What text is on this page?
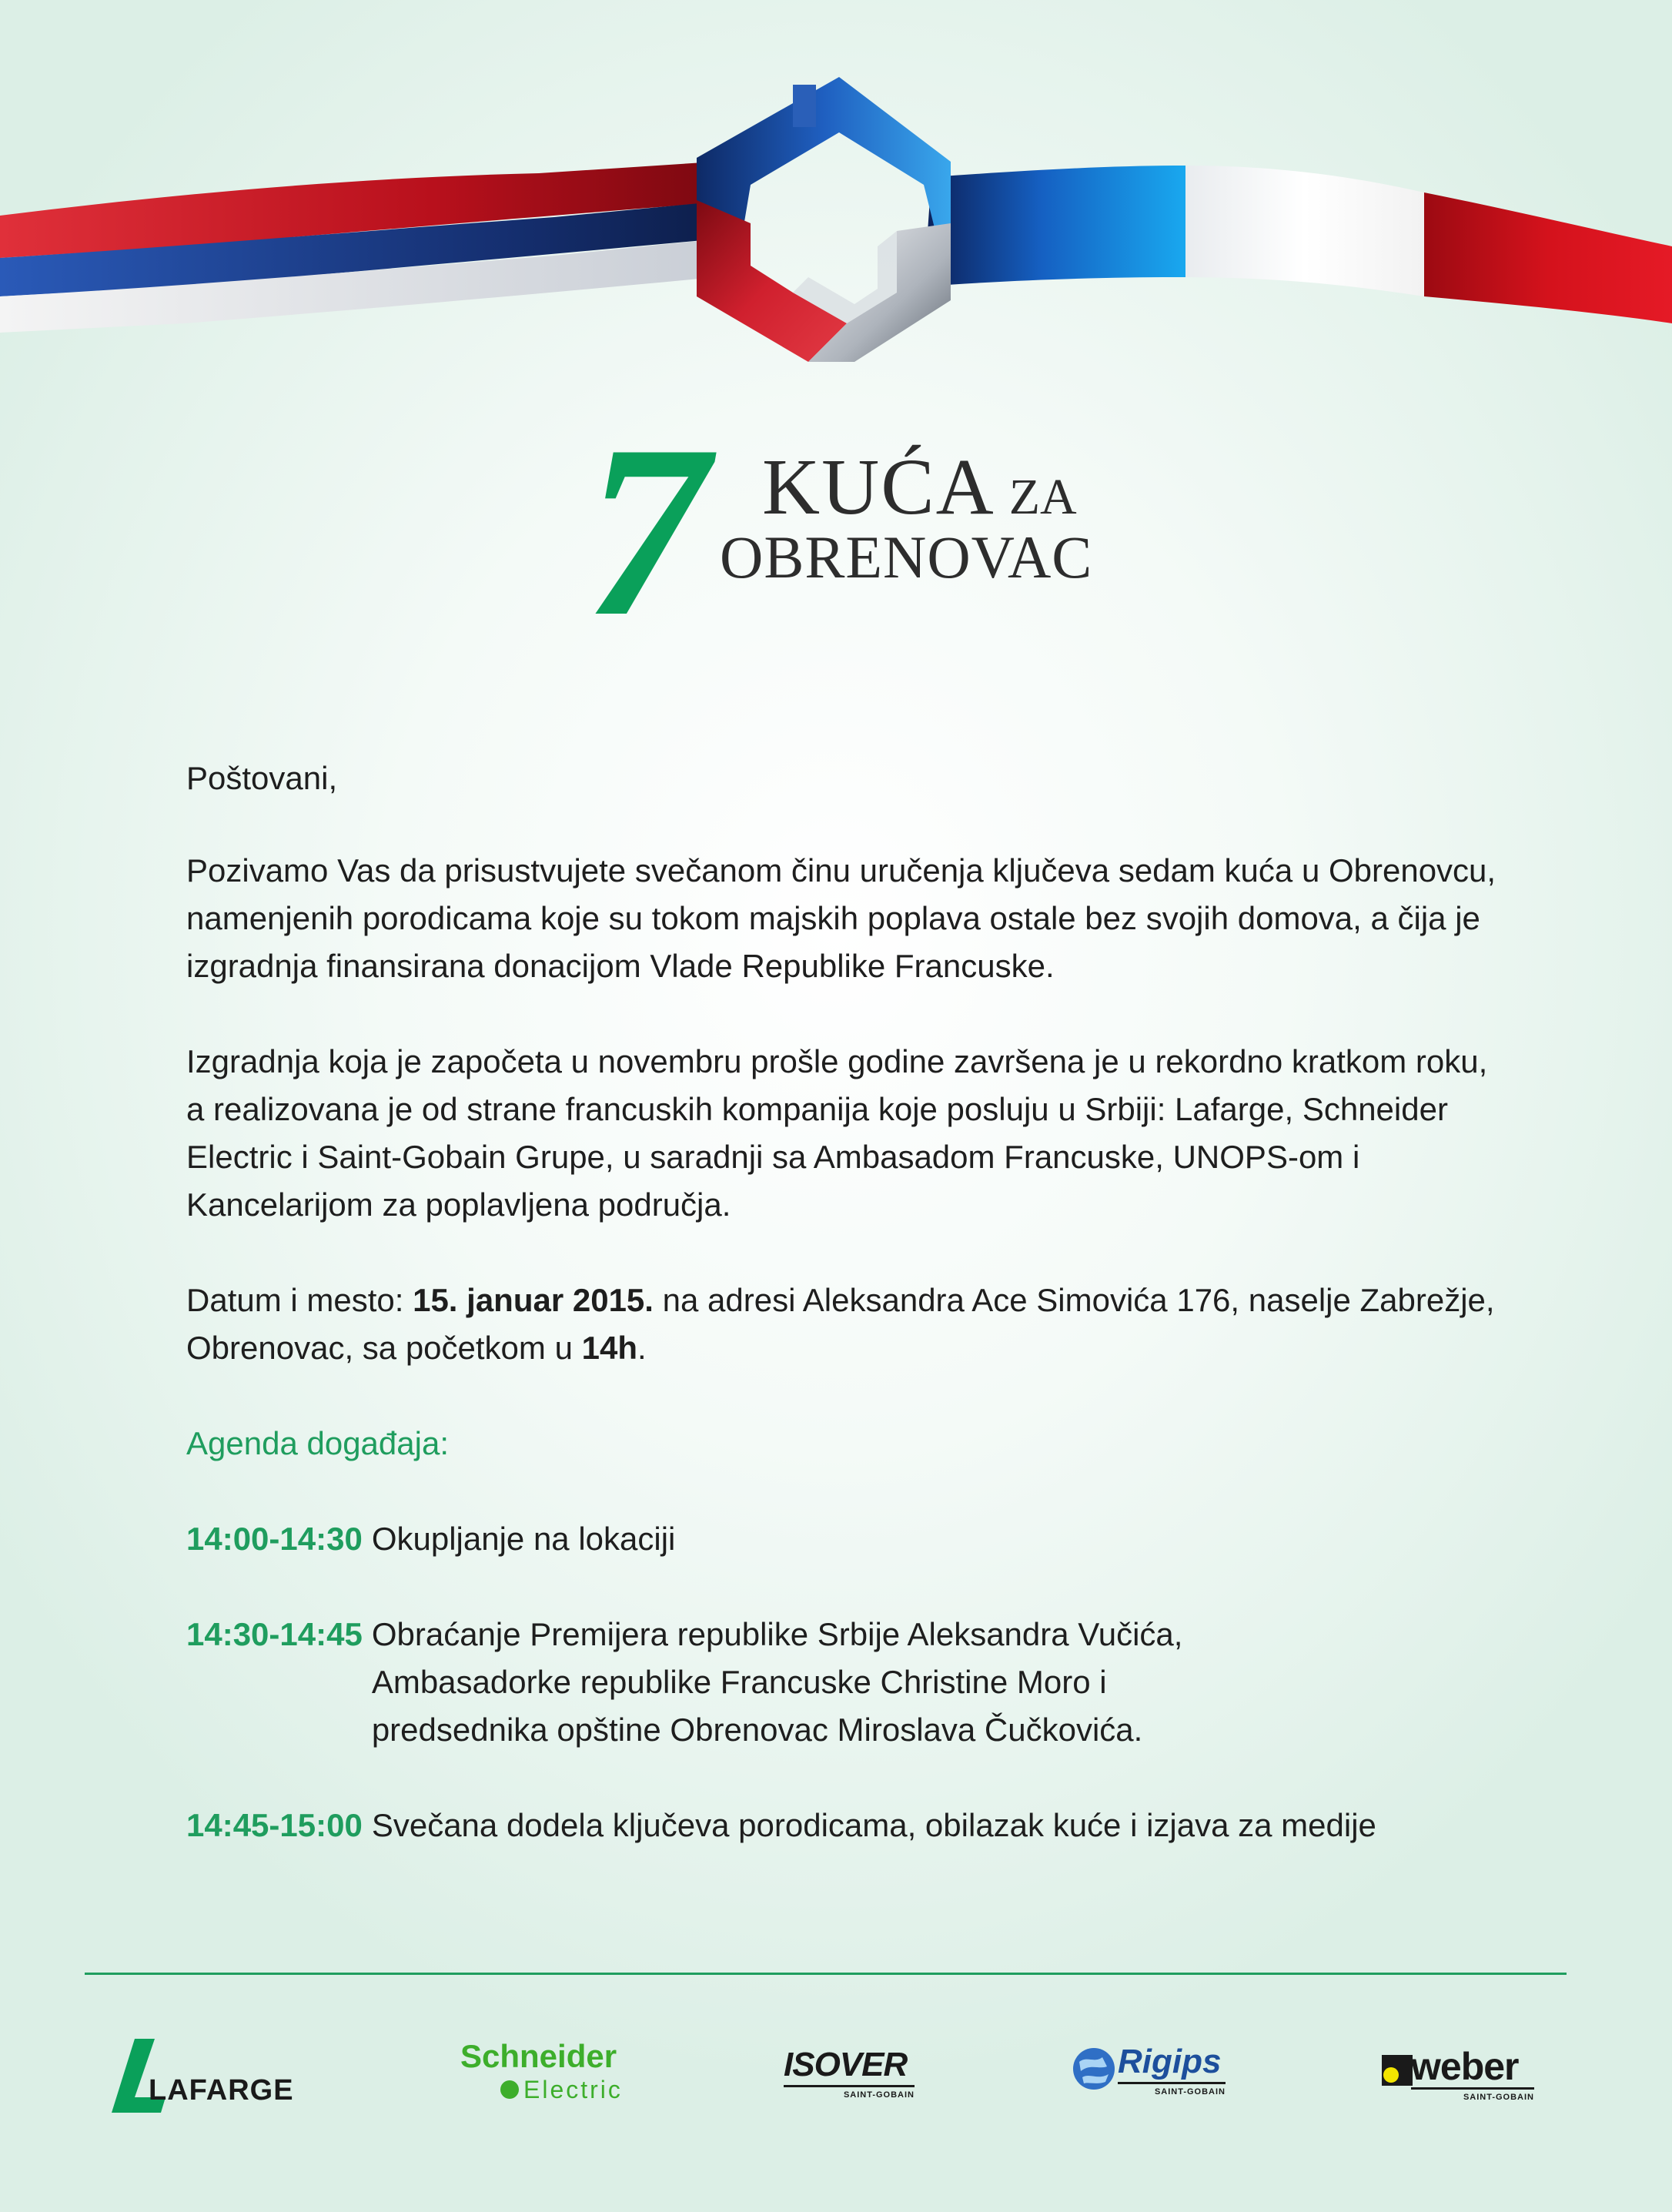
7 KUĆA ZA
OBRENOVAC

Poštovani,

Pozivamo Vas da prisustvujete svečanom činu uručenja ključeva sedam kuća u Obrenovcu, namenjenih porodicama koje su tokom majskih poplava ostale bez svojih domova, a čija je izgradnja finansirana donacijom Vlade Republike Francuske.

Izgradnja koja je započeta u novembru prošle godine završena je u rekordno kratkom roku, a realizovana je od strane francuskih kompanija koje posluju u Srbiji: Lafarge, Schneider Electric i Saint-Gobain Grupe, u saradnji sa Ambasadom Francuske, UNOPS-om i Kancelarijom za poplavljena područja.

Datum i mesto: 15. januar 2015. na adresi Aleksandra Ace Simovića 176, naselje Zabrežje, Obrenovac, sa početkom u 14h.

Agenda događaja:

14:00-14:30 Okupljanje na lokaciji
14:30-14:45 Obraćanje Premijera republike Srbije Aleksandra Vučića,
Ambasadorke republike Francuske Christine Moro i
predsednika opštine Obrenovac Miroslava Čučkovića.
14:45-15:00 Svečana dodela ključeva porodicama, obilazak kuće i izjava za medije
LAFARGE
Schneider
Electric
ISOVER
SAINT-GOBAIN
Rigips
SAINT-GOBAIN
weber
SAINT-GOBAIN
